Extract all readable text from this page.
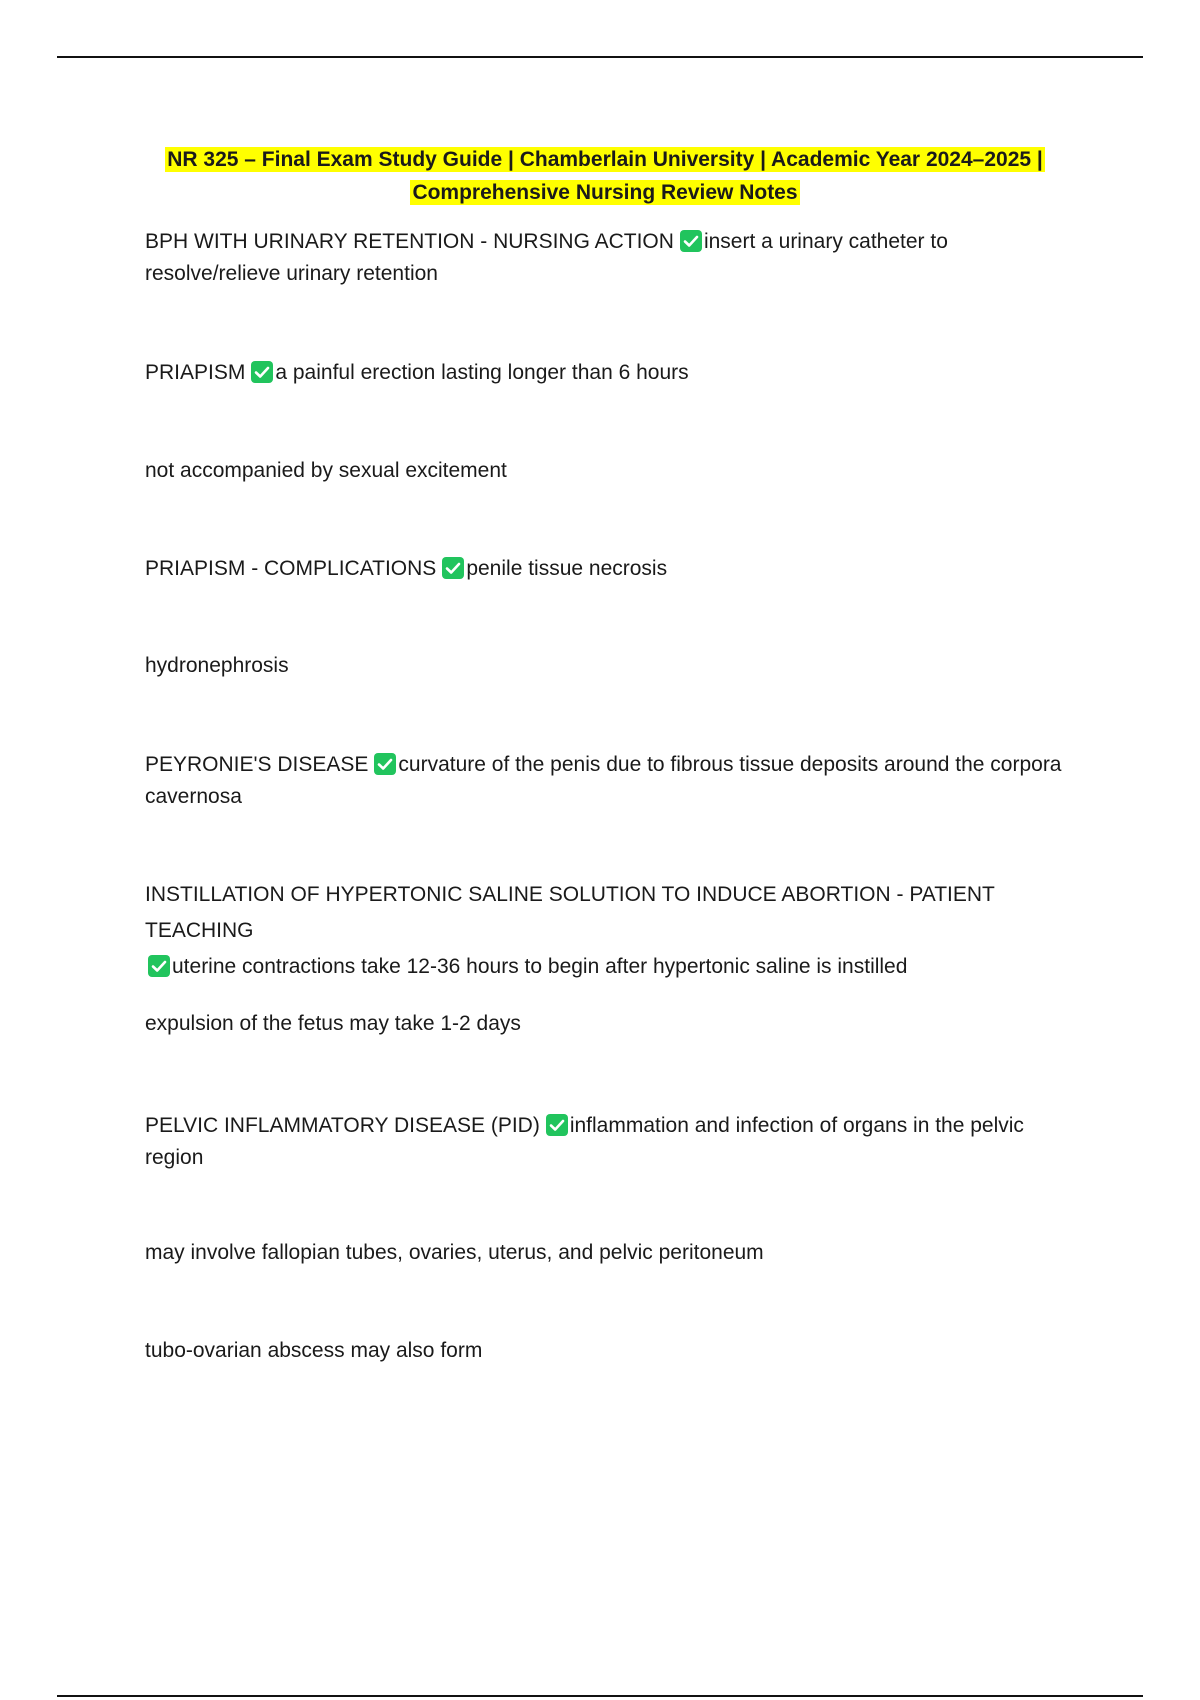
NR 325 – Final Exam Study Guide | Chamberlain University | Academic Year 2024–2025 |
Comprehensive Nursing Review Notes

BPH WITH URINARY RETENTION - NURSING ACTION insert a urinary catheter to resolve/relieve urinary retention

PRIAPISM a painful erection lasting longer than 6 hours

not accompanied by sexual excitement

PRIAPISM - COMPLICATIONS penile tissue necrosis

hydronephrosis

PEYRONIE'S DISEASE curvature of the penis due to fibrous tissue deposits around the corpora cavernosa

INSTILLATION OF HYPERTONIC SALINE SOLUTION TO INDUCE ABORTION - PATIENT TEACHING

uterine contractions take 12-36 hours to begin after hypertonic saline is instilled

expulsion of the fetus may take 1-2 days

PELVIC INFLAMMATORY DISEASE (PID) inflammation and infection of organs in the pelvic region

may involve fallopian tubes, ovaries, uterus, and pelvic peritoneum

tubo-ovarian abscess may also form
